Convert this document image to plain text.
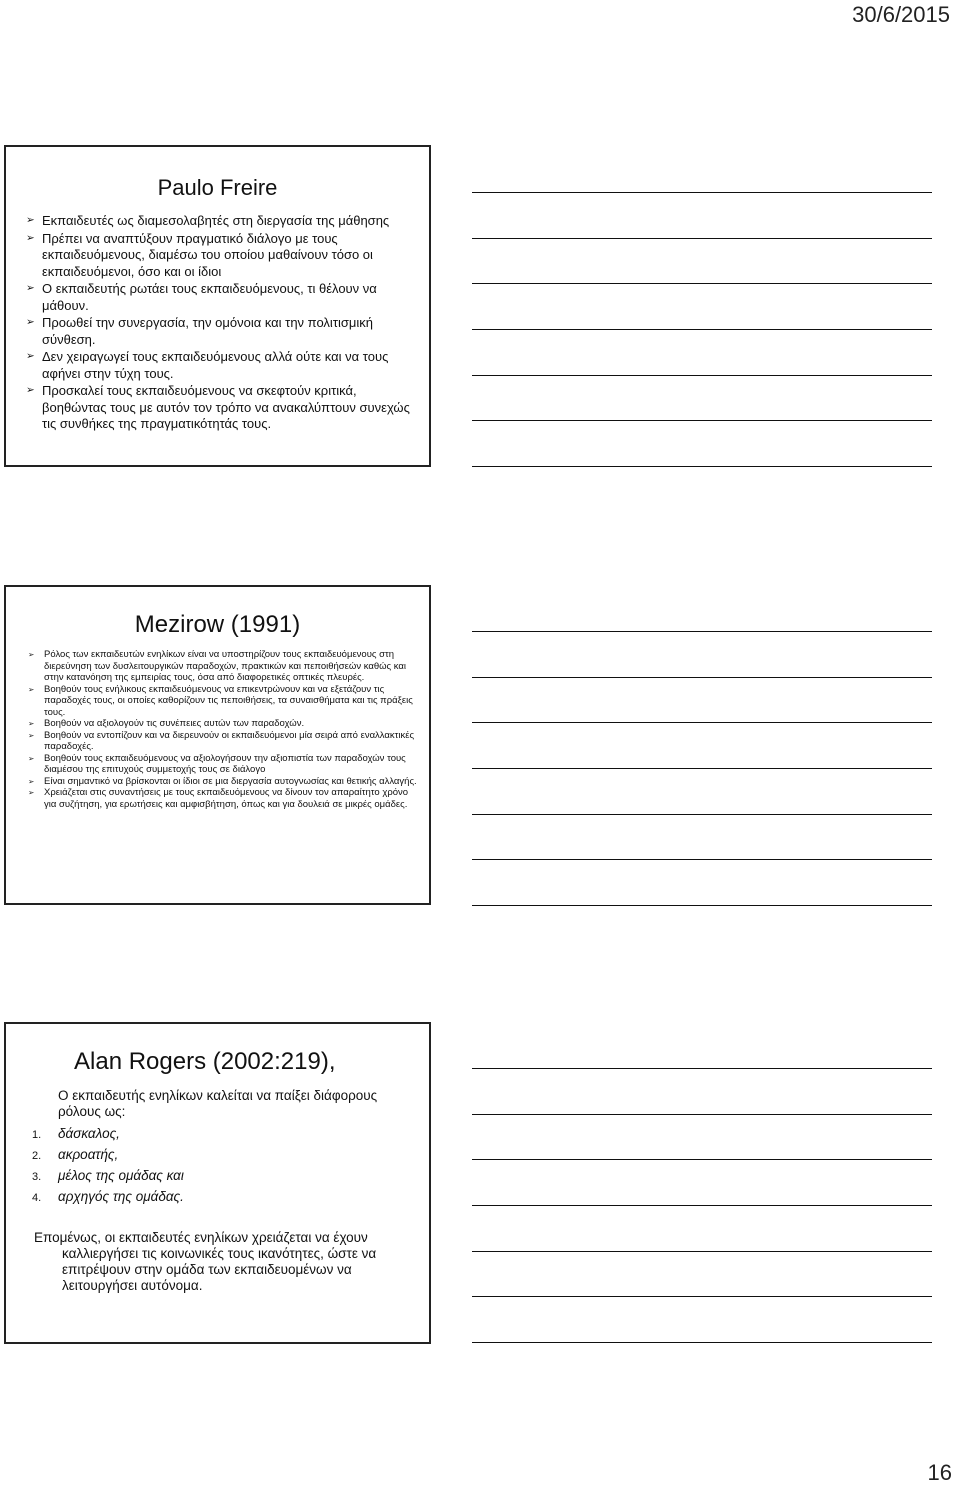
30/6/2015
Paulo Freire
➢ Εκπαιδευτές ως διαμεσολαβητές στη διεργασία της μάθησης
➢ Πρέπει να αναπτύξουν πραγματικό διάλογο με τους εκπαιδευόμενους, διαμέσω του οποίου μαθαίνουν τόσο οι εκπαιδευόμενοι, όσο και οι ίδιοι
➢ Ο εκπαιδευτής ρωτάει τους εκπαιδευόμενους, τι θέλουν να μάθουν.
➢ Προωθεί την συνεργασία, την ομόνοια και την πολιτισμική σύνθεση.
➢ Δεν χειραγωγεί τους εκπαιδευόμενους αλλά ούτε και να τους αφήνει στην τύχη τους.
➢ Προσκαλεί τους εκπαιδευόμενους να σκεφτούν κριτικά, βοηθώντας τους με αυτόν τον τρόπο να ανακαλύπτουν συνεχώς τις συνθήκες της πραγματικότητάς τους.
Mezirow (1991)
➢ Ρόλος των εκπαιδευτών ενηλίκων είναι να υποστηρίζουν τους εκπαιδευόμενους στη διερεύνηση των δυσλειτουργικών παραδοχών, πρακτικών και πεποιθήσεών καθώς και στην κατανόηση της εμπειρίας τους, όσα από διαφορετικές οπτικές πλευρές.
➢ Βοηθούν τους ενήλικους εκπαιδευόμενους να επικεντρώνουν και να εξετάζουν τις παραδοχές τους, οι οποίες καθορίζουν τις πεποιθήσεις, τα συναισθήματα και τις πράξεις τους.
➢ Βοηθούν να αξιολογούν τις συνέπειες αυτών των παραδοχών.
➢ Βοηθούν να εντοπίζουν και να διερευνούν οι εκπαιδευόμενοι μία σειρά από εναλλακτικές παραδοχές.
➢ Βοηθούν τους εκπαιδευόμενους να αξιολογήσουν την αξιοπιστία των παραδοχών τους διαμέσου της επιτυχούς συμμετοχής τους σε διάλογο
➢ Είναι σημαντικό να βρίσκονται οι ίδιοι σε μια διεργασία αυτογνωσίας και θετικής αλλαγής.
➢ Χρειάζεται στις συναντήσεις με τους εκπαιδευόμενους να δίνουν τον απαραίτητο χρόνο για συζήτηση, για ερωτήσεις και αμφισβήτηση, όπως και για δουλειά σε μικρές ομάδες.
Alan Rogers (2002:219),

Ο εκπαιδευτής ενηλίκων καλείται να παίξει διάφορους ρόλους ως:

1. δάσκαλος,
2. ακροατής,
3. μέλος της ομάδας και
4. αρχηγός της ομάδας.
Επομένως, οι εκπαιδευτές ενηλίκων χρειάζεται να έχουν
καλλιεργήσει τις κοινωνικές τους ικανότητες, ώστε να
επιτρέψουν στην ομάδα των εκπαιδευομένων να
λειτουργήσει αυτόνομα.
16
